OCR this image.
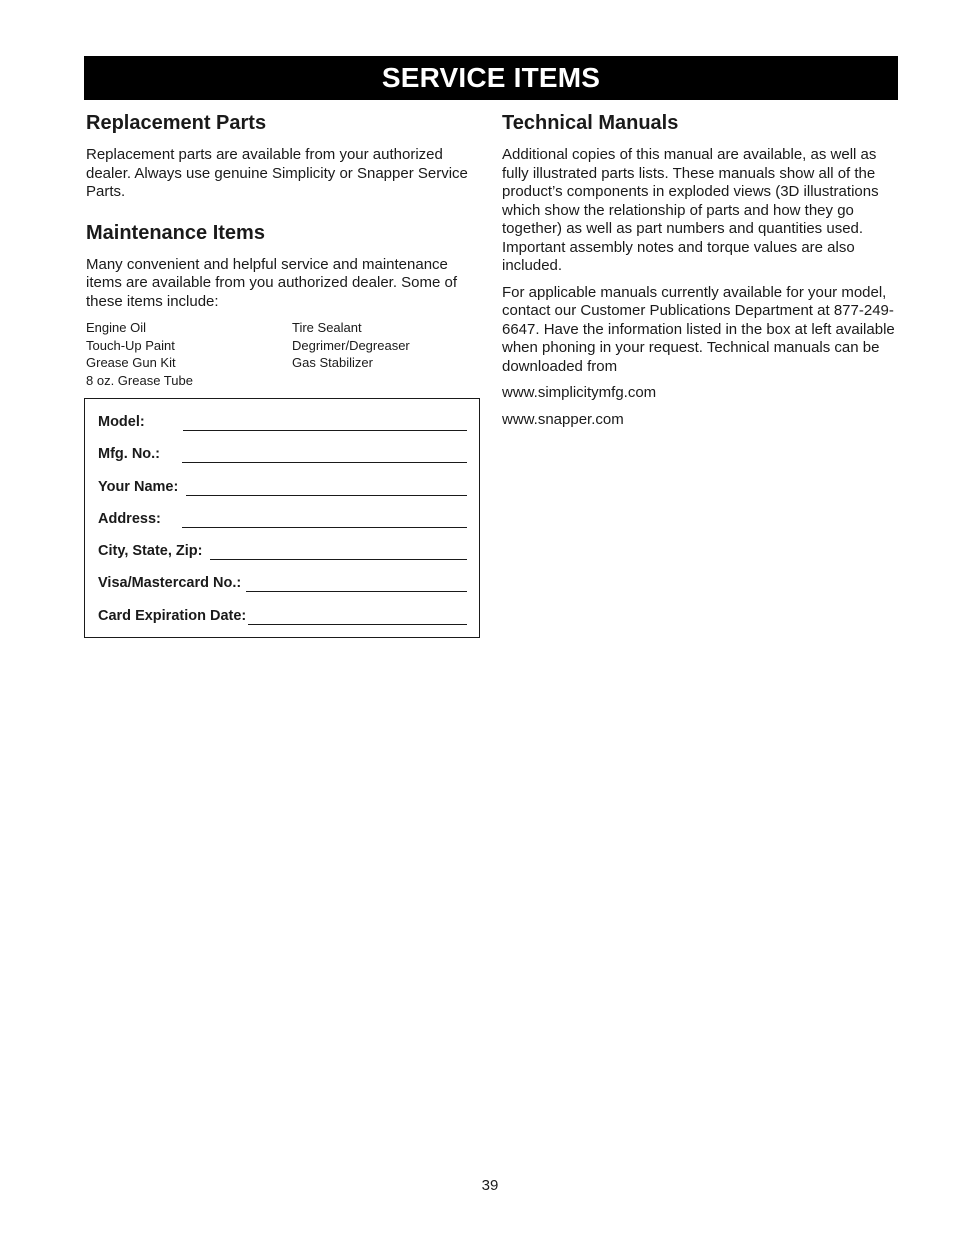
SERVICE ITEMS
Replacement Parts

Replacement parts are available from your authorized dealer. Always use genuine Simplicity or Snapper Service Parts.

Maintenance Items

Many convenient and helpful service and maintenance items are available from you authorized dealer. Some of these items include:

Engine Oil
Touch-Up Paint
Grease Gun Kit
8 oz. Grease Tube
Tire Sealant
Degrimer/Degreaser
Gas Stabilizer
Model:
Mfg. No.:
Your Name:
Address:
City, State, Zip:
Visa/Mastercard No.:
Card Expiration Date:
Technical Manuals

Additional copies of this manual are available, as well as fully illustrated parts lists. These manuals show all of the product’s components in exploded views (3D illustrations which show the relationship of parts and how they go together) as well as part numbers and quantities used. Important assembly notes and torque values are also included.

For applicable manuals currently available for your model, contact our Customer Publications Department at 877-249-6647. Have the information listed in the box at left available when phoning in your request. Technical manuals can be downloaded from

www.simplicitymfg.com
www.snapper.com
39
